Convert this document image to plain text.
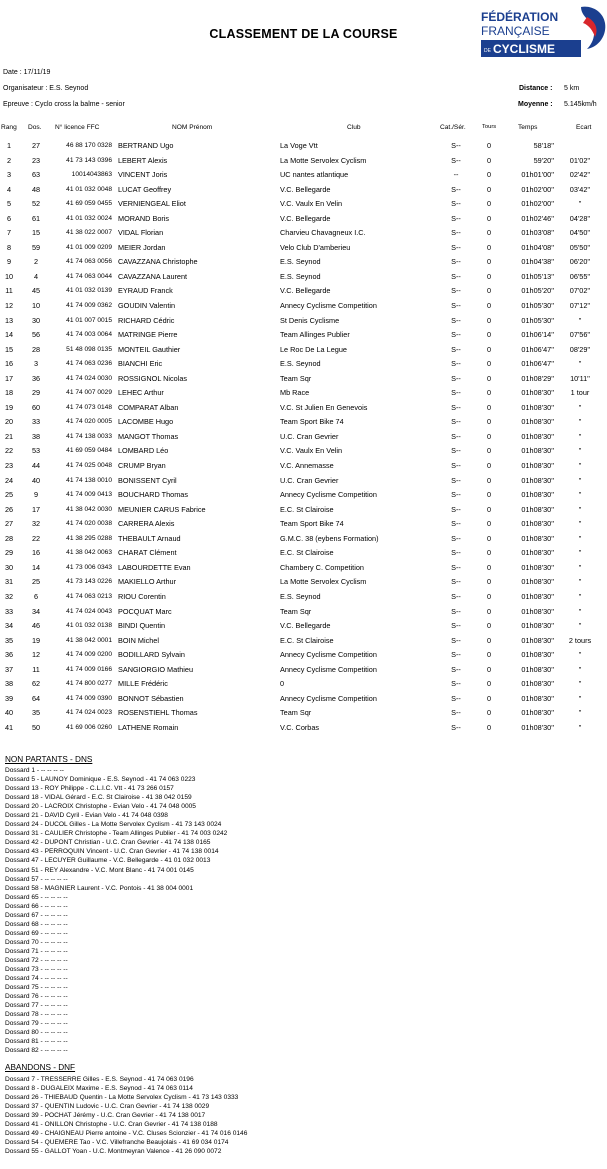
CLASSEMENT DE LA COURSE
FÉDÉRATION
FRANÇAISE
DE CYCLISME
Date : 17/11/19
Organisateur : E.S. Seynod
Epreuve : Cyclo cross la balme - senior
Distance : 5 km
Moyenne : 5.145km/h
Rang Dos. N° licence FFC	NOM Prénom	Club	Cat./Sér.	Tours	Temps	Ecart
1	27	46 88 170 0328 BERTRAND Ugo	La Voge Vtt	S--	0	58'18''
2	23	41 73 143 0396 LEBERT Alexis	La Motte Servolex Cyclism	S--	0	59'20''	01'02''
3	63	10014043863 VINCENT Joris	UC nantes atlantique	--	0	01h01'00''	02'42''
4	48	41 01 032 0048 LUCAT Geoffrey	V.C. Bellegarde	S--	0	01h02'00''	03'42''
5	52	41 69 059 0455 VERNIENGEAL Eliot	V.C. Vaulx En Velin	S--	0	01h02'00''	''
6	61	41 01 032 0024 MORAND Boris	V.C. Bellegarde	S--	0	01h02'46''	04'28''
7	15	41 38 022 0007 VIDAL Florian	Charvieu Chavagneux I.C.	S--	0	01h03'08''	04'50''
8	59	41 01 009 0209 MEIER Jordan	Velo Club D'amberieu	S--	0	01h04'08''	05'50''
9	2	41 74 063 0056 CAVAZZANA Christophe	E.S. Seynod	S--	0	01h04'38''	06'20''
10	4	41 74 063 0044 CAVAZZANA Laurent	E.S. Seynod	S--	0	01h05'13''	06'55''
11	45	41 01 032 0139 EYRAUD Franck	V.C. Bellegarde	S--	0	01h05'20''	07'02''
12	10	41 74 009 0362 GOUDIN Valentin	Annecy Cyclisme Competition	S--	0	01h05'30''	07'12''
13	30	41 01 007 0015 RICHARD Cédric	St Denis Cyclisme	S--	0	01h05'30''	''
14	56	41 74 003 0064 MATRINGE Pierre	Team Allinges Publier	S--	0	01h06'14''	07'56''
15	28	51 48 098 0135 MONTEIL Gauthier	Le Roc De La Legue	S--	0	01h06'47''	08'29''
16	3	41 74 063 0236 BIANCHI Eric	E.S. Seynod	S--	0	01h06'47''	''
17	36	41 74 024 0030 ROSSIGNOL Nicolas	Team Sqr	S--	0	01h08'29''	10'11''
18	29	41 74 007 0029 LEHEC Arthur	Mb Race	S--	0	01h08'30''	1 tour
19	60	41 74 073 0148 COMPARAT Alban	V.C. St Julien En Genevois	S--	0	01h08'30''	''
20	33	41 74 020 0005 LACOMBE Hugo	Team Sport Bike 74	S--	0	01h08'30''	''
21	38	41 74 138 0033 MANGOT Thomas	U.C. Cran Gevrier	S--	0	01h08'30''	''
22	53	41 69 059 0484 LOMBARD Léo	V.C. Vaulx En Velin	S--	0	01h08'30''	''
23	44	41 74 025 0048 CRUMP Bryan	V.C. Annemasse	S--	0	01h08'30''	''
24	40	41 74 138 0010 BONISSENT Cyril	U.C. Cran Gevrier	S--	0	01h08'30''	''
25	9	41 74 009 0413 BOUCHARD Thomas	Annecy Cyclisme Competition	S--	0	01h08'30''	''
26	17	41 38 042 0030 MEUNIER CARUS Fabrice	E.C. St Clairoise	S--	0	01h08'30''	''
27	32	41 74 020 0038 CARRERA Alexis	Team Sport Bike 74	S--	0	01h08'30''	''
28	22	41 38 295 0288 THEBAULT Arnaud	G.M.C. 38 (eybens Formation)	S--	0	01h08'30''	''
29	16	41 38 042 0063 CHARAT Clément	E.C. St Clairoise	S--	0	01h08'30''	''
30	14	41 73 006 0343 LABOURDETTE Evan	Chambery C. Competition	S--	0	01h08'30''	''
31	25	41 73 143 0226 MAKIELLO Arthur	La Motte Servolex Cyclism	S--	0	01h08'30''	''
32	6	41 74 063 0213 RIOU Corentin	E.S. Seynod	S--	0	01h08'30''	''
33	34	41 74 024 0043 POCQUAT Marc	Team Sqr	S--	0	01h08'30''	''
34	46	41 01 032 0138 BINDI Quentin	V.C. Bellegarde	S--	0	01h08'30''	''
35	19	41 38 042 0001 BOIN Michel	E.C. St Clairoise	S--	0	01h08'30''	2 tours
36	12	41 74 009 0200 BODILLARD Sylvain	Annecy Cyclisme Competition	S--	0	01h08'30''	''
37	11	41 74 009 0166 SANGIORGIO Mathieu	Annecy Cyclisme Competition	S--	0	01h08'30''	''
38	62	41 74 800 0277 MILLE Frédéric	0	S--	0	01h08'30''	''
39	64	41 74 009 0390 BONNOT Sébastien	Annecy Cyclisme Competition	S--	0	01h08'30''	''
40	35	41 74 024 0023 ROSENSTIEHL Thomas	Team Sqr	S--	0	01h08'30''	''
41	50	41 69 006 0260 LATHENE Romain	V.C. Corbas	S--	0	01h08'30''	''
NON PARTANTS - DNS
Dossard 1 - -- -- -- --
Dossard 5 - LAUNOY Dominique - E.S. Seynod - 41 74 063 0223
Dossard 13 - ROY Philippe - C.L.I.C. Vtt - 41 73 266 0157
Dossard 18 - VIDAL Gérard - E.C. St Clairoise - 41 38 042 0159
Dossard 20 - LACROIX Christophe - Evian Velo - 41 74 048 0005
Dossard 21 - DAVID Cyril - Evian Velo - 41 74 048 0398
Dossard 24 - DUCOL Gilles - La Motte Servolex Cyclism - 41 73 143 0024
Dossard 31 - CAULIER Christophe - Team Allinges Publier - 41 74 003 0242
Dossard 42 - DUPONT Christian - U.C. Cran Gevrier - 41 74 138 0165
Dossard 43 - PERROQUIN Vincent - U.C. Cran Gevrier - 41 74 138 0014
Dossard 47 - LECUYER Guillaume - V.C. Bellegarde - 41 01 032 0013
Dossard 51 - REY Alexandre - V.C. Mont Blanc - 41 74 001 0145
Dossard 57 - -- -- -- --
Dossard 58 - MAGNIER Laurent - V.C. Pontois - 41 38 004 0001
Dossard 65 - -- -- -- --
Dossard 66 - -- -- -- --
Dossard 67 - -- -- -- --
Dossard 68 - -- -- -- --
Dossard 69 - -- -- -- --
Dossard 70 - -- -- -- --
Dossard 71 - -- -- -- --
Dossard 72 - -- -- -- --
Dossard 73 - -- -- -- --
Dossard 74 - -- -- -- --
Dossard 75 - -- -- -- --
Dossard 76 - -- -- -- --
Dossard 77 - -- -- -- --
Dossard 78 - -- -- -- --
Dossard 79 - -- -- -- --
Dossard 80 - -- -- -- --
Dossard 81 - -- -- -- --
Dossard 82 - -- -- -- --
ABANDONS - DNF
Dossard 7 - TRESSERRE Gilles - E.S. Seynod - 41 74 063 0196
Dossard 8 - DUGALEIX Maxime - E.S. Seynod - 41 74 063 0114
Dossard 26 - THIEBAUD Quentin - La Motte Servolex Cyclism - 41 73 143 0333
Dossard 37 - QUENTIN Ludovic - U.C. Cran Gevrier - 41 74 138 0029
Dossard 39 - POCHAT Jérémy - U.C. Cran Gevrier - 41 74 138 0017
Dossard 41 - ONILLON Christophe - U.C. Cran Gevrier - 41 74 138 0188
Dossard 49 - CHAIGNEAU Pierre antoine - V.C. Cluses Scionzier - 41 74 016 0146
Dossard 54 - QUEMERE Tao - V.C. Villefranche Beaujolais - 41 69 034 0174
Dossard 55 - GALLOT Yoan - U.C. Montmeyran Valence - 41 26 090 0072
